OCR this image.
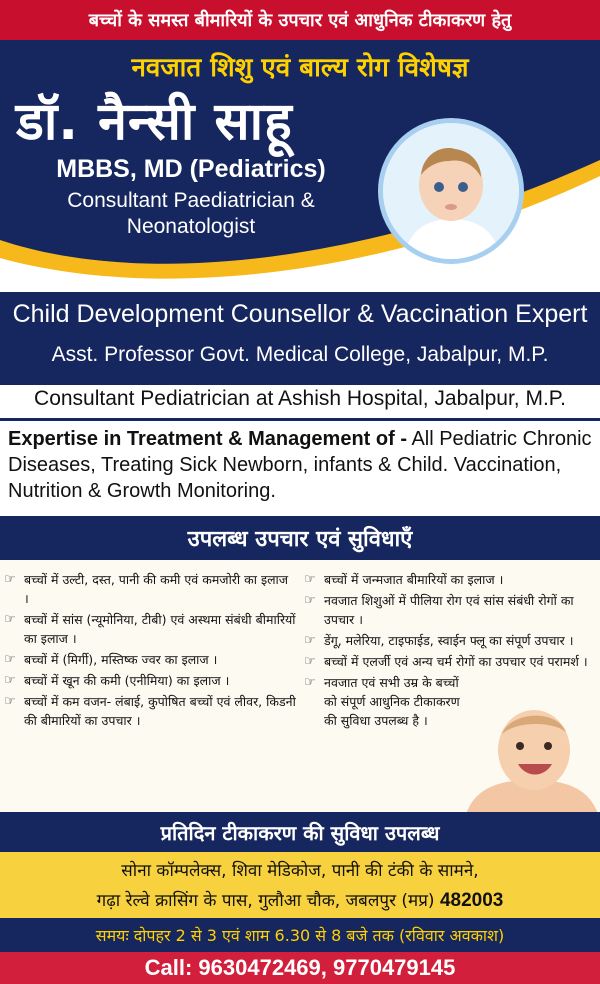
बच्चों के समस्त बीमारियों के उपचार एवं आधुनिक टीकाकरण हेतु
नवजात शिशु एवं बाल्य रोग विशेषज्ञ
डॉ. नैन्सी साहू
MBBS, MD (Pediatrics)
Consultant Paediatrician &
Neonatologist
Child Development Counsellor & Vaccination Expert
Asst. Professor Govt. Medical College, Jabalpur, M.P.
Consultant Pediatrician at Ashish Hospital, Jabalpur, M.P.
Expertise in Treatment & Management of - All Pediatric Chronic Diseases, Treating Sick Newborn, infants & Child. Vaccination, Nutrition & Growth Monitoring.
उपलब्ध उपचार एवं सुविधाएँ
☞ बच्चों में उल्टी, दस्त, पानी की कमी एवं कमजोरी का इलाज ।
☞ बच्चों में सांस (न्यूमोनिया, टीबी) एवं अस्थमा संबंधी बीमारियों का इलाज ।
☞ बच्चों में (मिर्गी), मस्तिष्क ज्वर का इलाज ।
☞ बच्चों में खून की कमी (एनीमिया) का इलाज ।
☞ बच्चों में कम वजन- लंबाई, कुपोषित बच्चों एवं लीवर, किडनी की बीमारियों का उपचार ।
☞ बच्चों में जन्मजात बीमारियों का इलाज ।
☞ नवजात शिशुओं में पीलिया रोग एवं सांस संबंधी रोगों का उपचार ।
☞ डेंगू, मलेरिया, टाइफाईड, स्वाईन फ्लू का संपूर्ण उपचार ।
☞ बच्चों में एलर्जी एवं अन्य चर्म रोगों का उपचार एवं परामर्श ।
☞ नवजात एवं सभी उम्र के बच्चों को संपूर्ण आधुनिक टीकाकरण की सुविधा उपलब्ध है ।
प्रतिदिन टीकाकरण की सुविधा उपलब्ध
सोना कॉम्पलेक्स, शिवा मेडिकोज, पानी की टंकी के सामने,
गढ़ा रेल्वे क्रासिंग के पास, गुलौआ चौक, जबलपुर (मप्र) 482003
समयः दोपहर 2 से 3 एवं शाम 6.30 से 8 बजे तक (रविवार अवकाश)
Call: 9630472469, 9770479145
